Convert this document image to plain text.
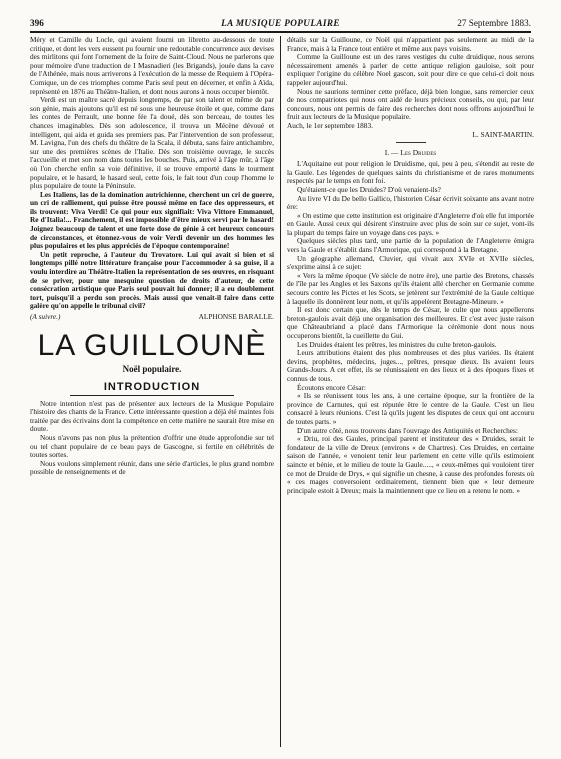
396	LA MUSIQUE POPULAIRE	27 Septembre 1883.

Méry et Camille du Locle, qui avaient fourni un libretto au-dessous de toute critique, et dont les vers eussent pu fournir une redoutable concurrence aux devises des mirlitons qui font l'ornement de la foire de Saint-Cloud. Nous ne parlerons que pour mémoire d'une traduction de I Masnadieri (les Brigands), jouée dans la cave de l'Athénée, mais nous arriverons à l'exécution de la messe de Requiem à l'Opéra-Comique, un de ces triomphes comme Paris seul peut en décerner, et enfin à Aïda, représenté en 1876 au Théâtre-Italien, et dont nous aurons à nous occuper bientôt.

Verdi est un maître sacré depuis longtemps, de par son talent et même de par son génie, mais ajoutons qu'il est né sous une heureuse étoile et que, comme dans les contes de Perrault, une bonne fée l'a doué, dès son berceau, de toutes les chances imaginables. Dès son adolescence, il trouva un Mécène dévoué et intelligent, qui aida et guida ses premiers pas. Par l'intervention de son professeur, M. Lavigna, l'un des chefs du théâtre de la Scala, il débuta, sans faire antichambre, sur une des premières scènes de l'Italie. Dès son troisième ouvrage, le succès l'accueille et met son nom dans toutes les bouches. Puis, arrivé à l'âge mûr, à l'âge où l'on cherche enfin sa voie définitive, il se trouve emporté dans le tourment populaire, et le hasard, le hasard seul, cette fois, le fait tout d'un coup l'homme le plus populaire de toute la Péninsule.

Les Italiens, las de la domination autrichienne, cherchent un cri de guerre, un cri de ralliement, qui puisse être poussé même en face des oppresseurs, et ils trouvent: Viva Verdi! Ce qui pour eux signifiait: Viva Vittore Emmanuel, Re d'Italia!... Franchement, il est impossible d'être mieux servi par le hasard! Joignez beaucoup de talent et une forte dose de génie à cet heureux concours de circonstances, et étonnez-vous de voir Verdi devenir un des hommes les plus populaires et les plus appréciés de l'époque contemporaine!

Un petit reproche, à l'auteur du Trovatore. Lui qui avait si bien et si longtemps pillé notre littérature française pour l'accommoder à sa guise, il a voulu interdire au Théâtre-Italien la représentation de ses œuvres, en risquant de se priver, pour une mesquine question de droits d'auteur, de cette consécration artistique que Paris seul pouvait lui donner; il a eu doublement tort, puisqu'il a perdu son procès. Mais aussi que venait-il faire dans cette galère qu'on appelle le tribunal civil?

(A suivre.)	ALPHONSE BARALLE.
LA GUILLOUNÈ
Noël populaire.
INTRODUCTION

Notre intention n'est pas de présenter aux lecteurs de la Musique Populaire l'histoire des chants de la France. Cette intéressante question a déjà été maintes fois traitée par des écrivains dont la compétence en cette matière ne saurait être mise en doute.

Nous n'avons pas non plus la prétention d'offrir une étude approfondie sur tel ou tel chant populaire de ce beau pays de Gascogne, si fertile en célébrités de toutes sortes.

Nous voulons simplement réunir, dans une série d'articles, le plus grand nombre possible de renseignements et de

détails sur la Guilloune, ce Noël qui n'appartient pas seulement au midi de la France, mais à la France tout entière et même aux pays voisins.

Comme la Guilloune est un des rares vestiges du culte druidique, nous serons nécessairement amenés à parler de cette antique religion gauloise, soit pour expliquer l'origine du célèbre Noel gascon, soit pour dire ce que celui-ci doit nous rappeler aujourd'hui.

Nous ne saurions terminer cette préface, déjà bien longue, sans remercier ceux de nos compatriotes qui nous ont aidé de leurs précieux conseils, ou qui, par leur concours, nous ont permis de faire des recherches dont nous offrons aujourd'hui le fruit aux lecteurs de la Musique populaire.

Auch, le 1er septembre 1883.

L. SAINT-MARTIN.

I. — Les Druides

L'Aquitaine eut pour religion le Druidisme, qui, peu à peu, s'étendit au reste de la Gaule. Les légendes de quelques saints du christianisme et de rares monuments respectés par le temps en font foi.

Qu'étaient-ce que les Druides? D'où venaient-ils?

Au livre VI du De bello Gallico, l'historien César écrivit soixante ans avant notre ère:

« On estime que cette institution est originaire d'Angleterre d'où elle fut importée en Gaule. Aussi ceux qui désirent s'instruire avec plus de soin sur ce sujet, vont-ils la plupart du temps faire un voyage dans ces pays. »

Quelques siècles plus tard, une partie de la population de l'Angleterre émigra vers la Gaule et s'établit dans l'Armorique, qui correspond à la Bretagne.

Un géographe allemand, Cluvier, qui vivait aux XVIe et XVIIe siècles, s'exprime ainsi à ce sujet:

« Vers la même époque (Ve siècle de notre ère), une partie des Bretons, chassés de l'île par les Angles et les Saxons qu'ils étaient allé chercher en Germanie comme secours contre les Pictes et les Scots, se jetèrent sur l'extrémité de la Gaule celtique à laquelle ils donnèrent leur nom, et qu'ils appelèrent Bretagne-Mineure. »

Il est donc certain que, dès le temps de César, le culte que nous appellerons breton-gaulois avait déjà une organisation des meilleures. Et c'est avec juste raison que Châteaubriand a placé dans l'Armorique la cérémonie dont nous nous occuperons bientôt, la cueillette du Gui.

Les Druides étaient les prêtres, les ministres du culte breton-gaulois.

Leurs attributions étaient des plus nombreuses et des plus variées. Ils étaient devins, prophètes, médecins, juges..., prêtres, presque dieux. Ils avaient leurs Grands-Jours. A cet effet, ils se réunissaient en des lieux et à des époques fixes et connus de tous.

Écoutons encore César:

« Ils se réunissent tous les ans, à une certaine époque, sur la frontière de la province de Carnutes, qui est réputée être le centre de la Gaule. C'est un lieu consacré à leurs réunions. C'est là qu'ils jugent les disputes de ceux qui ont accouru de toutes parts. »

D'un autre côté, nous trouvons dans l'ouvrage des Antiquités et Recherches:

« Driu, roi des Gaules, principal parent et instituteur des « Druides, serait le fondateur de la ville de Dreux (environs « de Chartres). Ces Druides, en certaine saison de l'année, « venoient tenir leur parlement en cette ville qu'ils estimoient saincte et bénie, et le milieu de toute la Gaule....., « ceux-mêmes qui vouloient tirer ce mot de Druide de Drys, « qui signifie un chesne, à cause des profondes forests où « ces mages conversoient ordinairement, tiennent bien que « leur demeure principale estoit à Dreux; mais la maintiennent que ce lieu en a retenu le nom. »
